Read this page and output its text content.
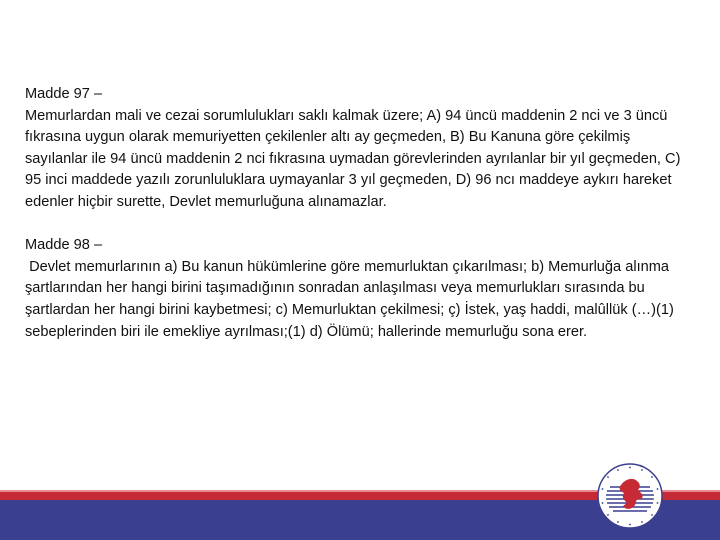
Madde 97 –
Memurlardan mali ve cezai sorumlulukları saklı kalmak üzere; A) 94 üncü maddenin 2 nci ve 3 üncü fıkrasına uygun olarak memuriyetten çekilenler altı ay geçmeden, B) Bu Kanuna göre çekilmiş sayılanlar ile 94 üncü maddenin 2 nci fıkrasına uymadan görevlerinden ayrılanlar bir yıl geçmeden, C) 95 inci maddede yazılı zorunluluklara uymayanlar 3 yıl geçmeden, D) 96 ncı maddeye aykırı hareket edenler hiçbir surette, Devlet memurluğuna alınamazlar.
Madde 98 –
Devlet memurlarının a) Bu kanun hükümlerine göre memurluktan çıkarılması; b) Memurluğa alınma şartlarından her hangi birini taşımadığının sonradan anlaşılması veya memurlukları sırasında bu şartlardan her hangi birini kaybetmesi; c) Memurluktan çekilmesi; ç) İstek, yaş haddi, malûllük (…)(1) sebeplerinden biri ile emekliye ayrılması;(1) d) Ölümü; hallerinde memurluğu sona erer.
